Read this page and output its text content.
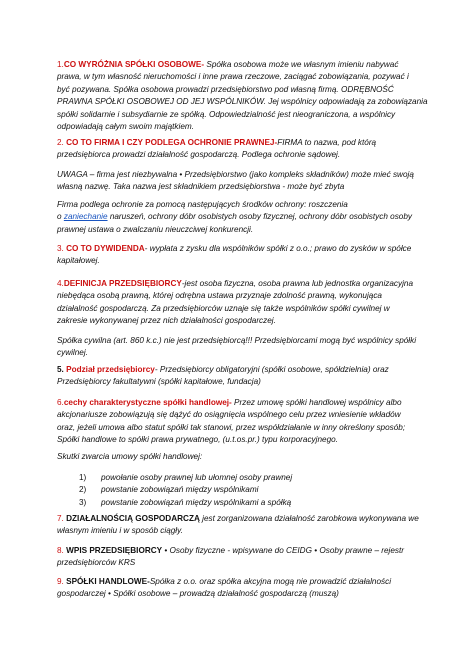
1.CO WYRÓŻNIA SPÓŁKI OSOBOWE- Spółka osobowa może we własnym imieniu nabywać
prawa, w tym własność nieruchomości i inne prawa rzeczowe, zaciągać zobowiązania, pozywać i
być pozywana. Spółka osobowa prowadzi przedsiębiorstwo pod własną firmą. ODRĘBNOŚĆ
PRAWNA SPÓŁKI OSOBOWEJ OD JEJ WSPÓLNIKÓW. Jej wspólnicy odpowiadają za zobowiązania
spółki solidarnie i subsydiarnie ze spółką. Odpowiedzialność jest nieograniczona, a wspólnicy
odpowiadają całym swoim majątkiem.
2. CO TO FIRMA I CZY PODLEGA OCHRONIE PRAWNEJ-FIRMA to nazwa, pod którą
przedsiębiorca prowadzi działalność gospodarczą. Podlega ochronie sądowej.
UWAGA – firma jest niezbywalna • Przedsiębiorstwo (jako kompleks składników) może mieć swoją
własną nazwę. Taka nazwa jest składnikiem przedsiębiorstwa - może być zbyta
Firma podlega ochronie za pomocą następujących środków ochrony: roszczenia
o zaniechanie naruszeń, ochrony dóbr osobistych osoby fizycznej, ochrony dóbr osobistych osoby
prawnej ustawa o zwalczaniu nieuczciwej konkurencji.
3. CO TO DYWIDENDA- wypłata z zysku dla wspólników spółki z o.o.; prawo do zysków w spółce
kapitałowej.
4.DEFINICJA PRZEDSIĘBIORCY-jest osoba fizyczna, osoba prawna lub jednostka organizacyjna
niebędąca osobą prawną, której odrębna ustawa przyznaje zdolność prawną, wykonująca
działalność gospodarczą. Za przedsiębiorców uznaje się także wspólników spółki cywilnej w
zakresie wykonywanej przez nich działalności gospodarczej.
Spółka cywilna (art. 860 k.c.) nie jest przedsiębiorcą!!! Przedsiębiorcami mogą być wspólnicy spółki
cywilnej.
5. Podział przedsiębiorcy- Przedsiębiorcy obligatoryjni (spółki osobowe, spółdzielnia) oraz
Przedsiębiorcy fakultatywni (spółki kapitałowe, fundacja)
6.cechy charakterystyczne spółki handlowej- Przez umowę spółki handlowej wspólnicy albo
akcjonariusze zobowiązują się dążyć do osiągnięcia wspólnego celu przez wniesienie wkładów
oraz, jeżeli umowa albo statut spółki tak stanowi, przez współdziałanie w inny określony sposób;
Spółki handlowe to spółki prawa prywatnego, (u.t.os.pr.) typu korporacyjnego.
Skutki zwarcia umowy spółki handlowej:
1) powołanie osoby prawnej lub ułomnej osoby prawnej
2) powstanie zobowiązań między wspólnikami
3) powstanie zobowiązań między wspólnikami a spółką
7. DZIAŁALNOŚCIĄ GOSPODARCZĄ jest zorganizowana działalność zarobkowa wykonywana we
własnym imieniu i w sposób ciągły.
8. WPIS PRZEDSIĘBIORCY • Osoby fizyczne - wpisywane do CEIDG • Osoby prawne – rejestr
przedsiębiorców KRS
9. SPÓŁKI HANDLOWE-Spółka z o.o. oraz spółka akcyjna mogą nie prowadzić działalności
gospodarczej • Spółki osobowe – prowadzą działalność gospodarczą (muszą)
